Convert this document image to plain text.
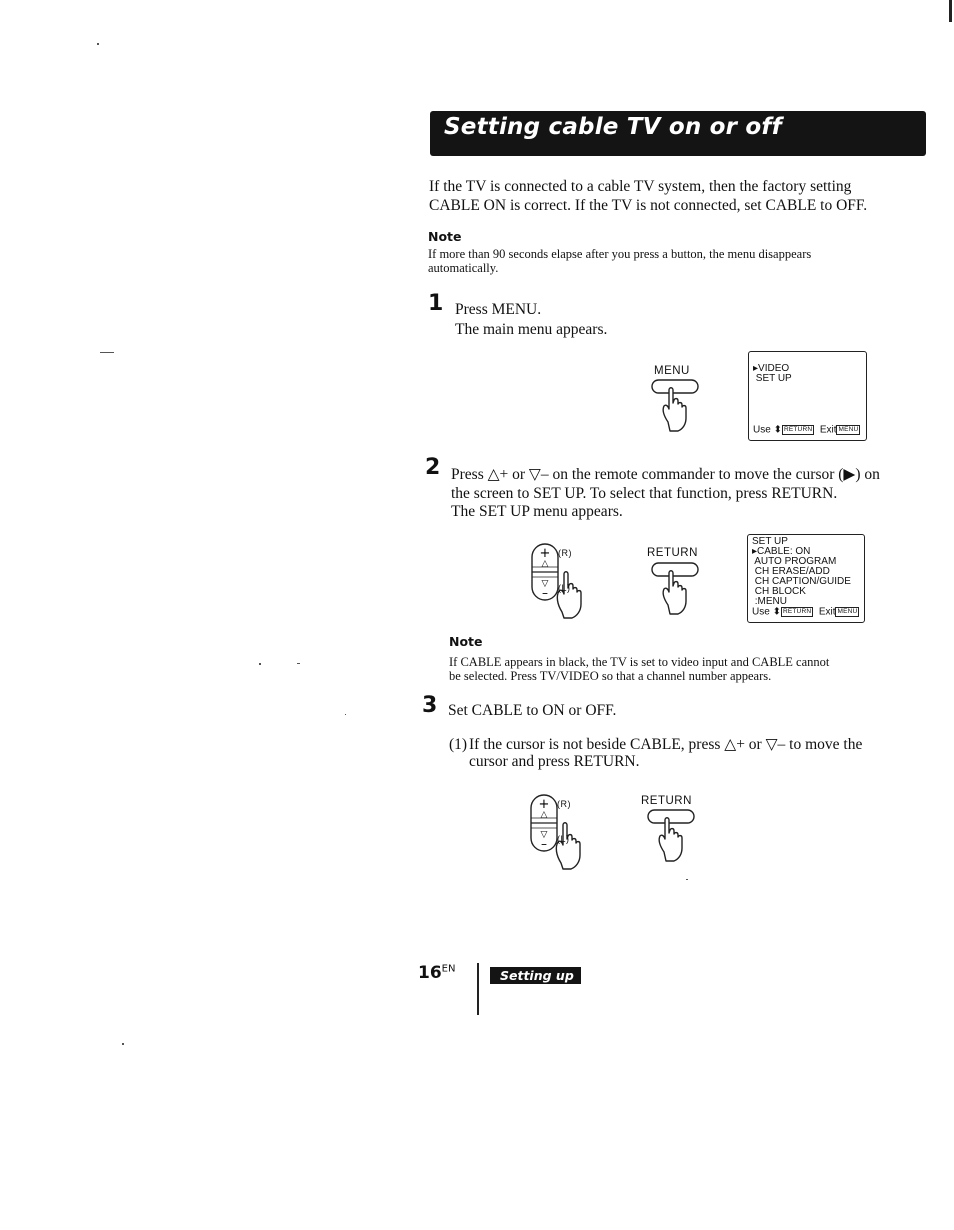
Setting cable TV on or off
If the TV is connected to a cable TV system, then the factory setting
CABLE ON is correct. If the TV is not connected, set CABLE to OFF.
Note
If more than 90 seconds elapse after you press a button, the menu disappears
automatically.
1 Press MENU.
The main menu appears.
MENU	▸VIDEO
SET UP
Use ⬍ RETURN Exit MENU
2 Press △+ or ▽– on the remote commander to move the cursor (▶) on
the screen to SET UP. To select that function, press RETURN.
The SET UP menu appears.
+
△
▽
–
(R)
(L)
RETURN
SET UP
▸CABLE: ON
AUTO PROGRAM
CH ERASE/ADD
CH CAPTION/GUIDE
CH BLOCK
:MENU
Use ⬍ RETURN Exit MENU
Note
If CABLE appears in black, the TV is set to video input and CABLE cannot
be selected. Press TV/VIDEO so that a channel number appears.
3 Set CABLE to ON or OFF.
(1) If the cursor is not beside CABLE, press △+ or ▽– to move the
cursor and press RETURN.
+
△
▽
–
(R)
(L)
RETURN
$16_{EN}$	Setting up
